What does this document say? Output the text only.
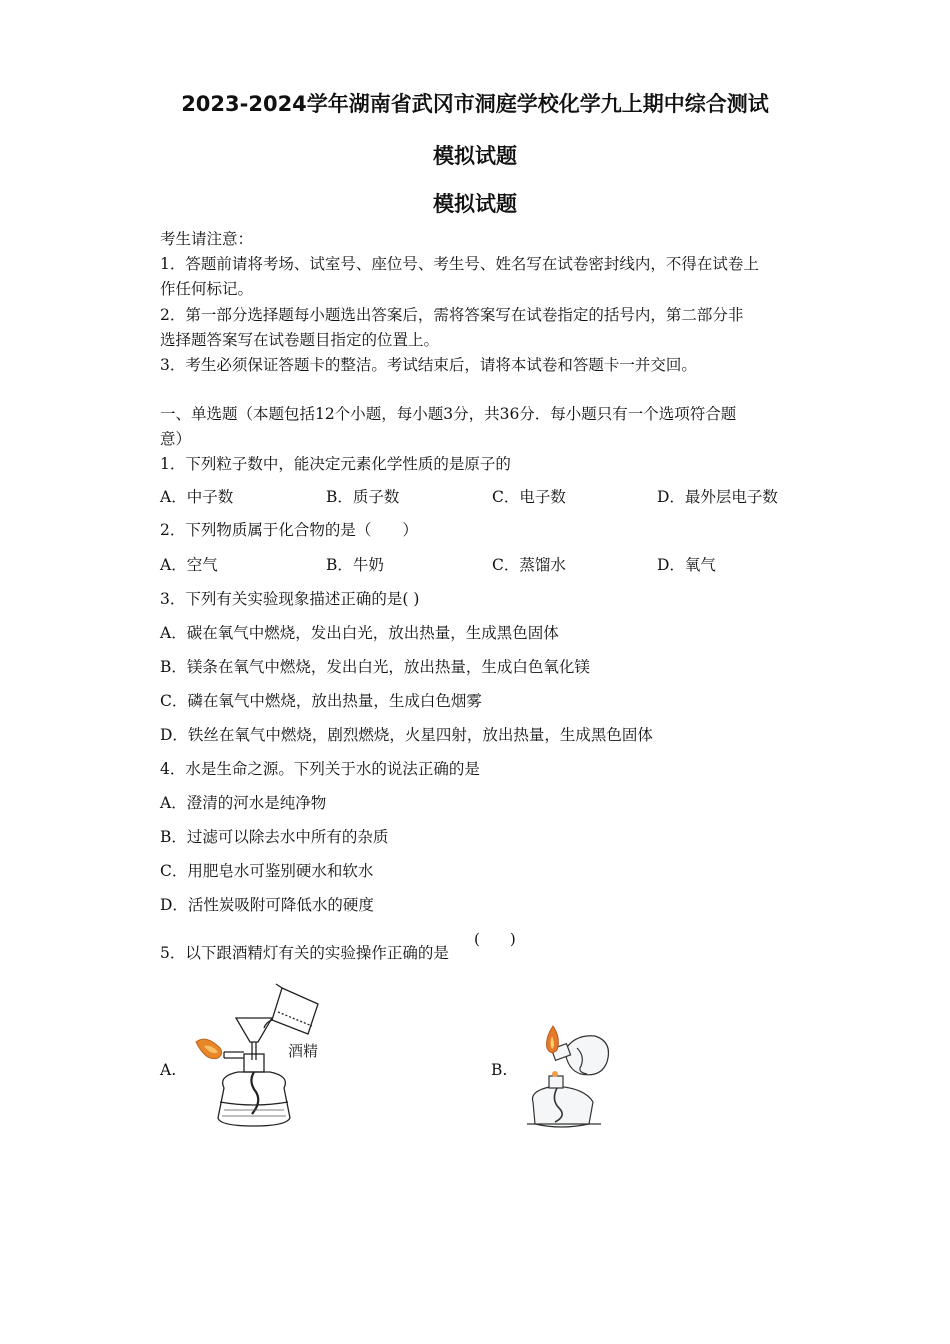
2023-2024学年湖南省武冈市洞庭学校化学九上期中综合测试
模拟试题
模拟试题
考生请注意：
1．答题前请将考场、试室号、座位号、考生号、姓名写在试卷密封线内，不得在试卷上
作任何标记。
2．第一部分选择题每小题选出答案后，需将答案写在试卷指定的括号内，第二部分非
选择题答案写在试卷题目指定的位置上。
3．考生必须保证答题卡的整洁。考试结束后，请将本试卷和答题卡一并交回。
一、单选题（本题包括12个小题，每小题3分，共36分．每小题只有一个选项符合题
意）
1．下列粒子数中，能决定元素化学性质的是原子的
A．中子数	B．质子数	C．电子数	D．最外层电子数
2．下列物质属于化合物的是（　　）
A．空气	B．牛奶	C．蒸馏水	D．氧气
3．下列有关实验现象描述正确的是( )
A．碳在氧气中燃烧，发出白光，放出热量，生成黑色固体
B．镁条在氧气中燃烧，发出白光，放出热量，生成白色氧化镁
C．磷在氧气中燃烧，放出热量，生成白色烟雾
D．铁丝在氧气中燃烧，剧烈燃烧，火星四射，放出热量，生成黑色固体
4．水是生命之源。下列关于水的说法正确的是
A．澄清的河水是纯净物
B．过滤可以除去水中所有的杂质
C．用肥皂水可鉴别硬水和软水
D．活性炭吸附可降低水的硬度
5．以下跟酒精灯有关的实验操作正确的是
(　　)
A.	B.
酒精
